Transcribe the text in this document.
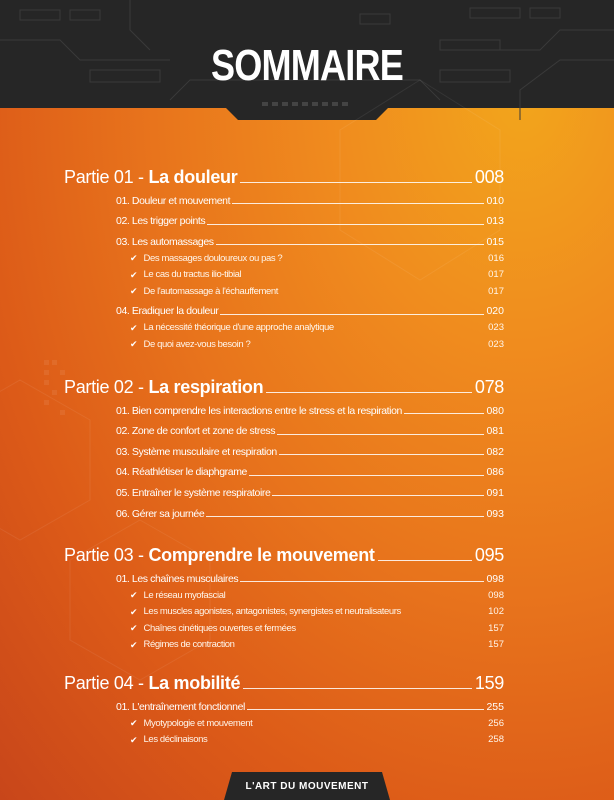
SOMMAIRE
Partie 01 - La douleur	008
01. Douleur et mouvement	010
02. Les trigger points	013
03. Les automassages	015
✔ Des massages douloureux ou pas ?	016
✔ Le cas du tractus ilio-tibial	017
✔ De l'automassage à l'échauffement	017
04. Eradiquer la douleur	020
✔ La nécessité théorique d'une approche analytique	023
✔ De quoi avez-vous besoin ?	023
Partie 02 - La respiration	078
01. Bien comprendre les interactions entre le stress et la respiration	080
02. Zone de confort et zone de stress	081
03. Système musculaire et respiration	082
04. Réathlétiser le diaphgrame	086
05. Entraîner le système respiratoire	091
06. Gérer sa journée	093
Partie 03 - Comprendre le mouvement	095
01. Les chaînes musculaires	098
✔ Le réseau myofascial	098
✔ Les muscles agonistes, antagonistes, synergistes et neutralisateurs	102
✔ Chaînes cinétiques ouvertes et fermées	157
✔ Régimes de contraction	157
Partie 04 - La mobilité	159
01. L'entraînement fonctionnel	255
✔ Myotypologie et mouvement	256
✔ Les déclinaisons	258
L'ART DU MOUVEMENT
